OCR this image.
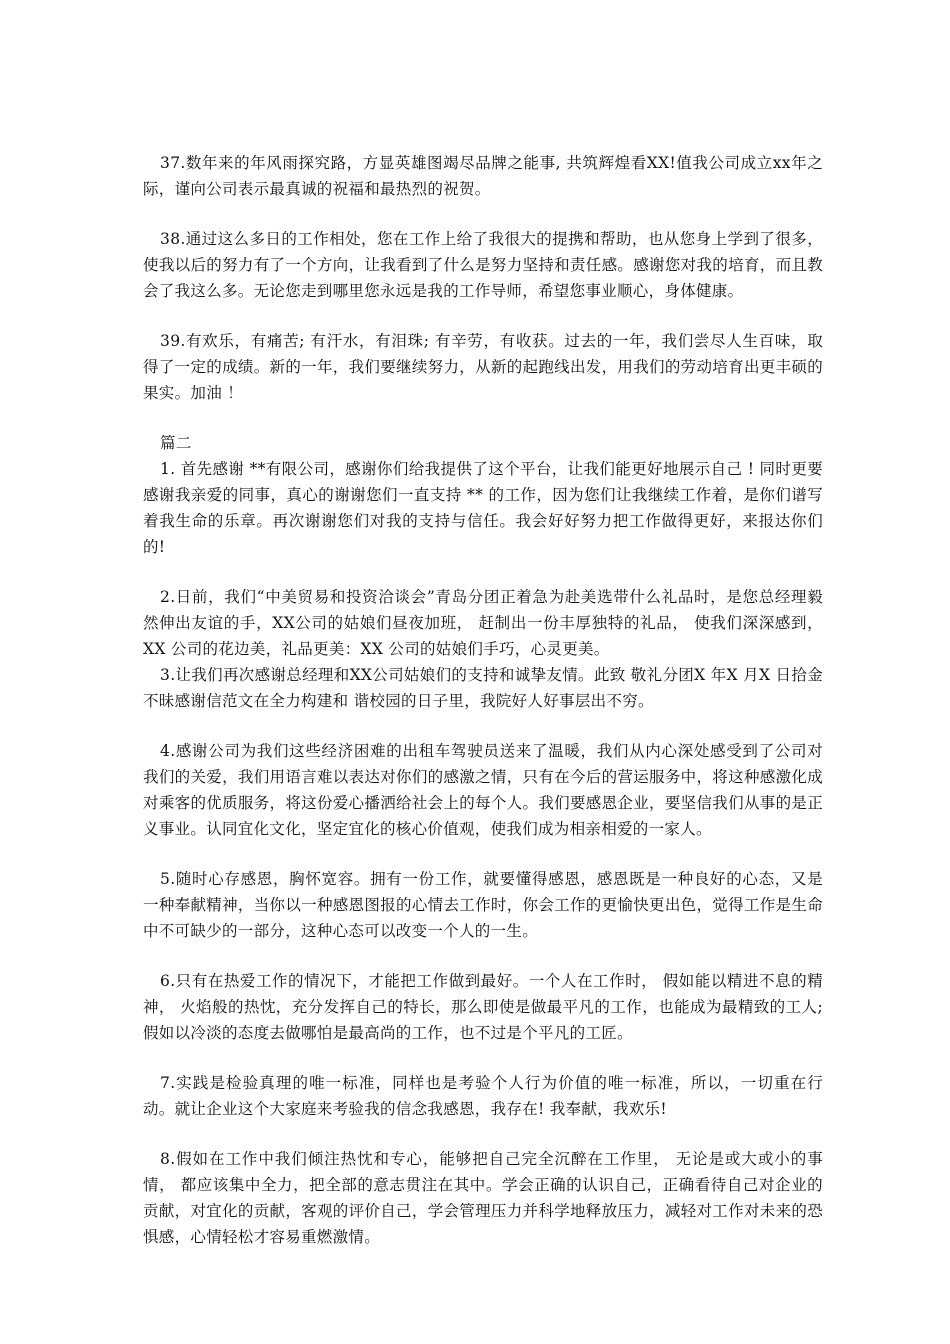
37.数年来的年风雨探究路，方显英雄图竭尽品牌之能事, 共筑辉煌看XX!值我公司成立xx年之际，谨向公司表示最真诚的祝福和最热烈的祝贺。

38.通过这么多日的工作相处，您在工作上给了我很大的提携和帮助，也从您身上学到了很多，使我以后的努力有了一个方向，让我看到了什么是努力坚持和责任感。感谢您对我的培育，而且教会了我这么多。无论您走到哪里您永远是我的工作导师，希望您事业顺心，身体健康。

39.有欢乐，有痛苦; 有汗水，有泪珠; 有辛劳，有收获。过去的一年，我们尝尽人生百味，取得了一定的成绩。新的一年，我们要继续努力，从新的起跑线出发，用我们的劳动培育出更丰硕的果实。加油 ！

篇二

1. 首先感谢 **有限公司，感谢你们给我提供了这个平台，让我们能更好地展示自己 ! 同时更要感谢我亲爱的同事，真心的谢谢您们一直支持 ** 的工作，因为您们让我继续工作着，是你们谱写着我生命的乐章。再次谢谢您们对我的支持与信任。我会好好努力把工作做得更好，来报达你们的!

2.日前，我们“中美贸易和投资洽谈会”青岛分团正着急为赴美选带什么礼品时，是您总经理毅然伸出友谊的手，XX公司的姑娘们昼夜加班， 赶制出一份丰厚独特的礼品， 使我们深深感到，XX 公司的花边美，礼品更美：XX 公司的姑娘们手巧，心灵更美。

3.让我们再次感谢总经理和XX公司姑娘们的支持和诚挚友情。此致 敬礼分团X 年X 月X 日拾金不昧感谢信范文在全力构建和 谐校园的日子里，我院好人好事层出不穷。

4.感谢公司为我们这些经济困难的出租车驾驶员送来了温暖，我们从内心深处感受到了公司对我们的关爱，我们用语言难以表达对你们的感激之情，只有在今后的营运服务中，将这种感激化成对乘客的优质服务，将这份爱心播洒给社会上的每个人。我们要感恩企业，要坚信我们从事的是正义事业。认同宜化文化，坚定宜化的核心价值观，使我们成为相亲相爱的一家人。

5.随时心存感恩，胸怀宽容。拥有一份工作，就要懂得感恩，感恩既是一种良好的心态，又是一种奉献精神，当你以一种感恩图报的心情去工作时，你会工作的更愉快更出色，觉得工作是生命中不可缺少的一部分，这种心态可以改变一个人的一生。

6.只有在热爱工作的情况下，才能把工作做到最好。一个人在工作时， 假如能以精进不息的精神， 火焰般的热忱，充分发挥自己的特长，那么即使是做最平凡的工作，也能成为最精致的工人; 假如以冷淡的态度去做哪怕是最高尚的工作，也不过是个平凡的工匠。

7.实践是检验真理的唯一标准，同样也是考验个人行为价值的唯一标准，所以，一切重在行动。就让企业这个大家庭来考验我的信念我感恩，我存在! 我奉献，我欢乐!

8.假如在工作中我们倾注热忱和专心，能够把自己完全沉醉在工作里， 无论是或大或小的事情， 都应该集中全力，把全部的意志贯注在其中。学会正确的认识自己，正确看待自己对企业的贡献，对宜化的贡献，客观的评价自己，学会管理压力并科学地释放压力，减轻对工作对未来的恐惧感，心情轻松才容易重燃激情。
